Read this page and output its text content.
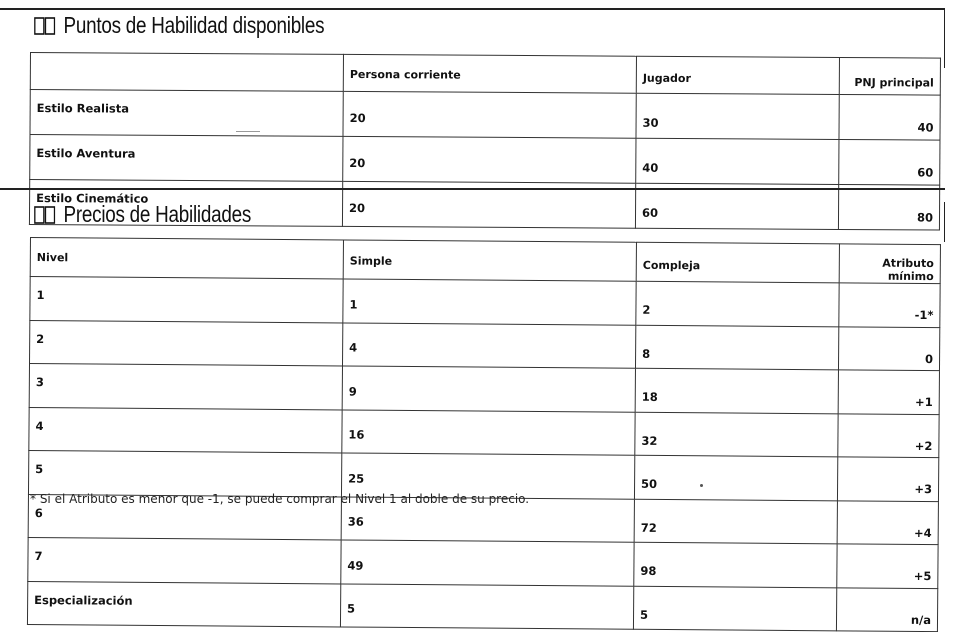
Puntos de Habilidad disponibles
	Persona corriente	Jugador	PNJ principal
Estilo Realista	20	30	40
Estilo Aventura	20	40	60
Estilo Cinemático	20	60	80
Precios de Habilidades
Nivel	Simple	Compleja	Atributo mínimo
1	1	2	-1*
2	4	8	0
3	9	18	+1
4	16	32	+2
5	25	50	+3
6	36	72	+4
7	49	98	+5
Especialización	5	5	n/a
* Si el Atributo es menor que -1, se puede comprar el Nivel 1 al doble de su precio.
